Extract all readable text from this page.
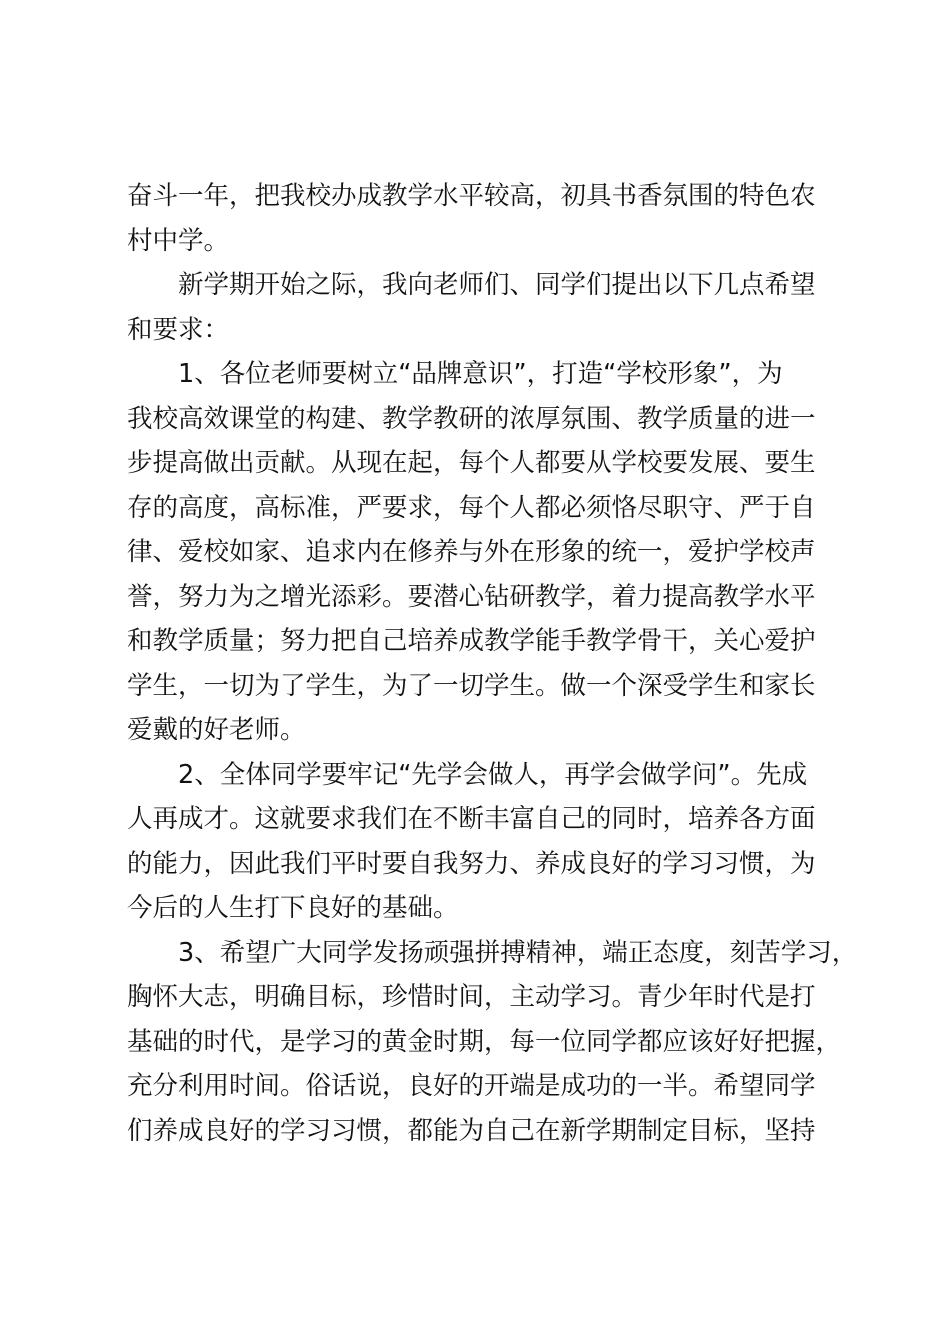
奋斗一年，把我校办成教学水平较高，初具书香氛围的特色农
村中学。
新学期开始之际，我向老师们、同学们提出以下几点希望
和要求：
1、各位老师要树立“品牌意识”，打造“学校形象”，为
我校高效课堂的构建、教学教研的浓厚氛围、教学质量的进一
步提高做出贡献。从现在起，每个人都要从学校要发展、要生
存的高度，高标准，严要求，每个人都必须恪尽职守、严于自
律、爱校如家、追求内在修养与外在形象的统一，爱护学校声
誉，努力为之增光添彩。要潜心钻研教学，着力提高教学水平
和教学质量；努力把自己培养成教学能手教学骨干，关心爱护
学生，一切为了学生，为了一切学生。做一个深受学生和家长
爱戴的好老师。
2、全体同学要牢记“先学会做人，再学会做学问”。先成
人再成才。这就要求我们在不断丰富自己的同时，培养各方面
的能力，因此我们平时要自我努力、养成良好的学习习惯，为
今后的人生打下良好的基础。
3、希望广大同学发扬顽强拼搏精神，端正态度，刻苦学习，
胸怀大志，明确目标，珍惜时间，主动学习。青少年时代是打
基础的时代，是学习的黄金时期，每一位同学都应该好好把握，
充分利用时间。俗话说，良好的开端是成功的一半。希望同学
们养成良好的学习习惯，都能为自己在新学期制定目标，坚持
